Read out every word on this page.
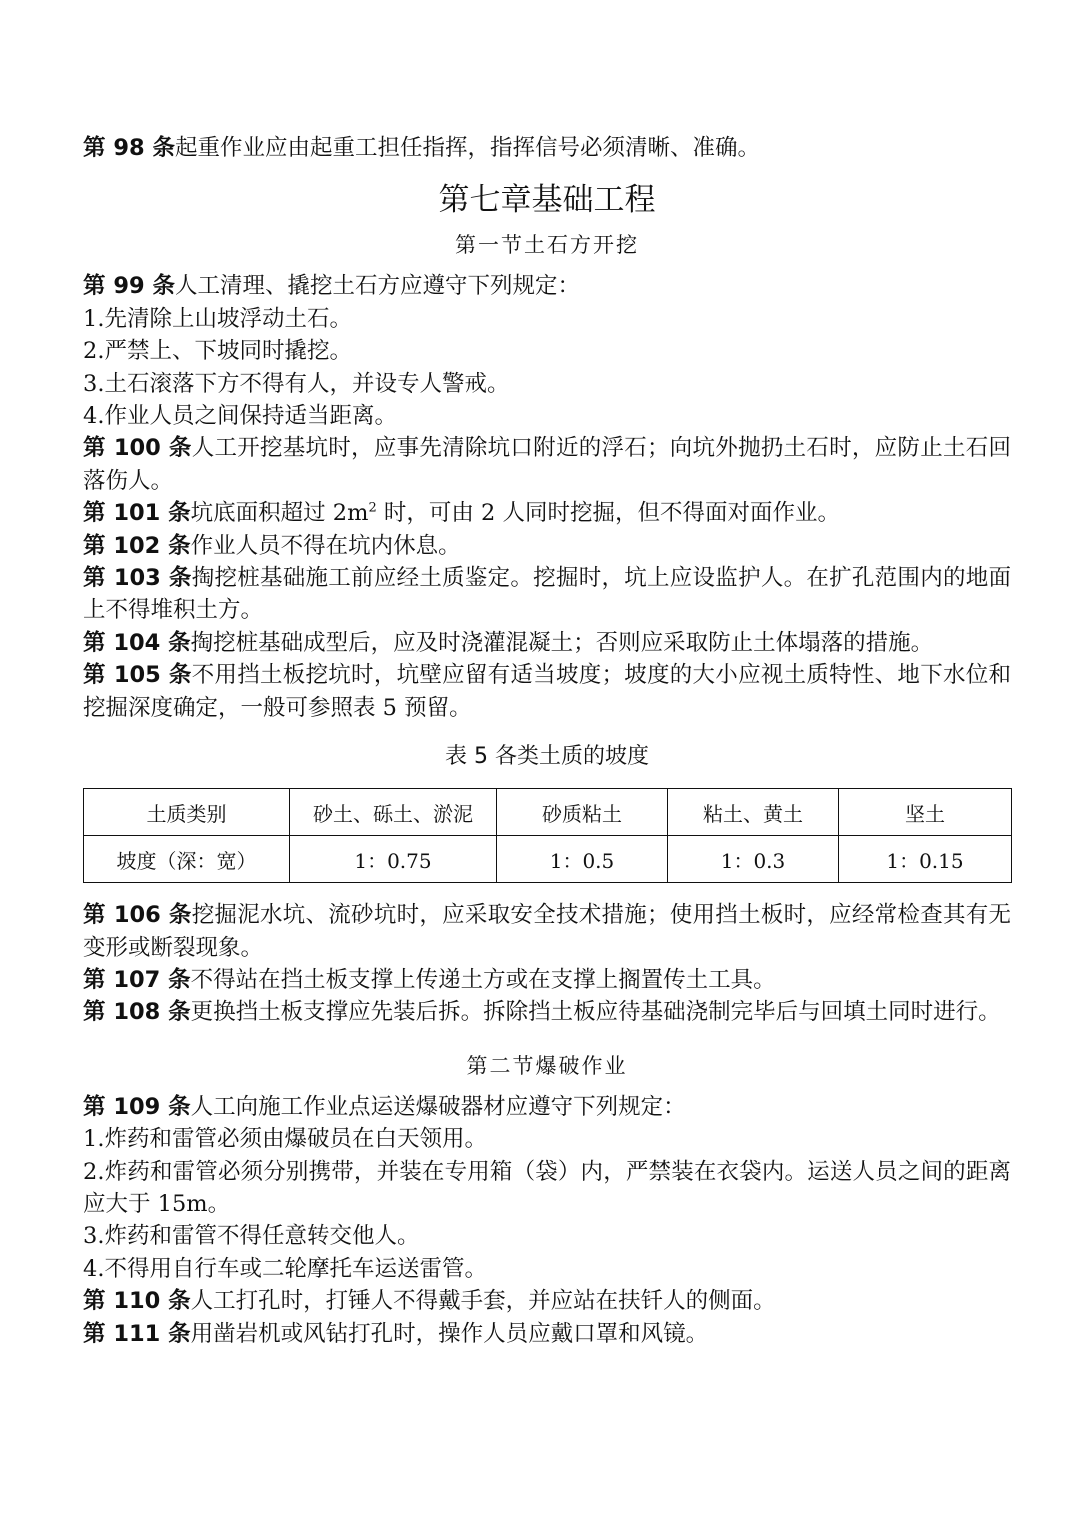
第 98 条起重作业应由起重工担任指挥，指挥信号必须清晰、准确。

第七章基础工程
第一节土石方开挖

第 99 条人工清理、撬挖土石方应遵守下列规定：

1.先清除上山坡浮动土石。

2.严禁上、下坡同时撬挖。

3.土石滚落下方不得有人，并设专人警戒。

4.作业人员之间保持适当距离。

第 100 条人工开挖基坑时，应事先清除坑口附近的浮石；向坑外抛扔土石时，应防止土石回落伤人。

第 101 条坑底面积超过 $2m^2$ 时，可由 2 人同时挖掘，但不得面对面作业。

第 102 条作业人员不得在坑内休息。

第 103 条掏挖桩基础施工前应经土质鉴定。挖掘时，坑上应设监护人。在扩孔范围内的地面上不得堆积土方。

第 104 条掏挖桩基础成型后，应及时浇灌混凝土；否则应采取防止土体塌落的措施。

第 105 条不用挡土板挖坑时，坑壁应留有适当坡度；坡度的大小应视土质特性、地下水位和挖掘深度确定，一般可参照表 5 预留。

表 5 各类土质的坡度
土质类别	砂土、砾土、淤泥	砂质粘土	粘土、黄土	坚土
坡度（深：宽）	1：0.75	1：0.5	1：0.3	1：0.15

第 106 条挖掘泥水坑、流砂坑时，应采取安全技术措施；使用挡土板时，应经常检查其有无变形或断裂现象。

第 107 条不得站在挡土板支撑上传递土方或在支撑上搁置传土工具。

第 108 条更换挡土板支撑应先装后拆。拆除挡土板应待基础浇制完毕后与回填土同时进行。

第二节爆破作业

第 109 条人工向施工作业点运送爆破器材应遵守下列规定：

1.炸药和雷管必须由爆破员在白天领用。

2.炸药和雷管必须分别携带，并装在专用箱（袋）内，严禁装在衣袋内。运送人员之间的距离应大于 15m。

3.炸药和雷管不得任意转交他人。

4.不得用自行车或二轮摩托车运送雷管。

第 110 条人工打孔时，打锤人不得戴手套，并应站在扶钎人的侧面。

第 111 条用凿岩机或风钻打孔时，操作人员应戴口罩和风镜。
